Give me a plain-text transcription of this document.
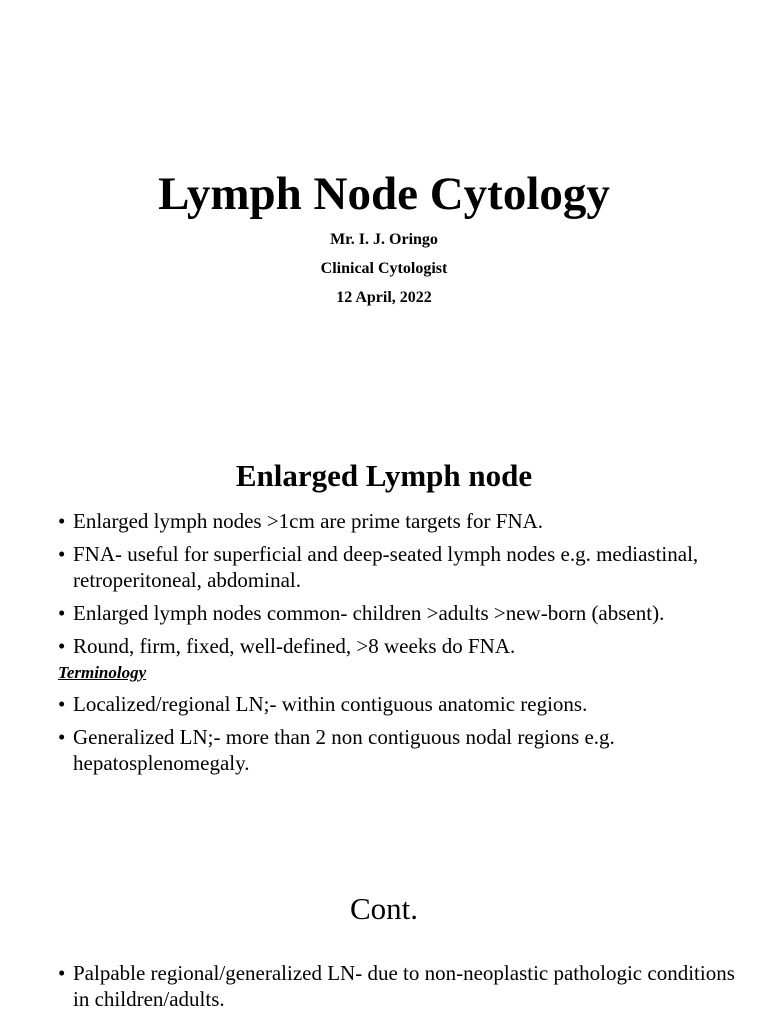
Lymph Node Cytology
Mr. I. J. Oringo
Clinical Cytologist
12 April, 2022
Enlarged Lymph node
• Enlarged lymph nodes >1cm are prime targets for FNA.
• FNA- useful for superficial and deep-seated lymph nodes e.g. mediastinal, retroperitoneal, abdominal.
• Enlarged lymph nodes common- children >adults >new-born (absent).
• Round, firm, fixed, well-defined, >8 weeks do FNA.
Terminology
• Localized/regional LN;- within contiguous anatomic regions.
• Generalized LN;- more than 2 non contiguous nodal regions e.g. hepatosplenomegaly.
Cont.
• Palpable regional/generalized LN- due to non-neoplastic pathologic conditions in children/adults.
